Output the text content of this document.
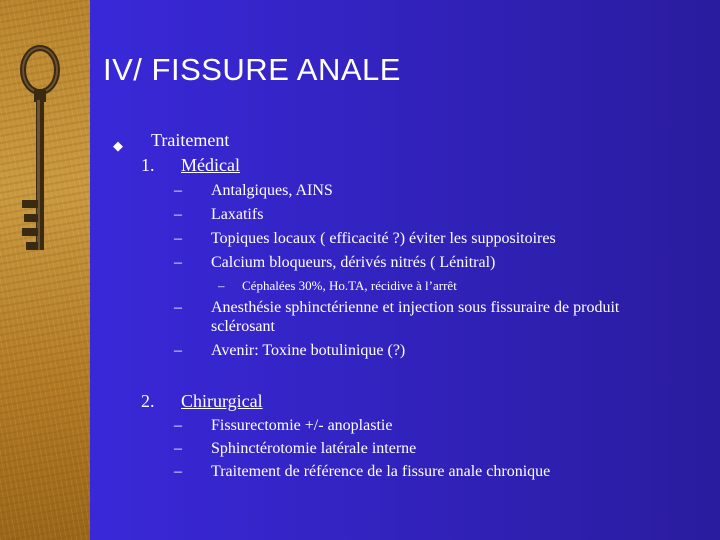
IV/ FISSURE ANALE
◆ Traitement
1. Médical
– Antalgiques, AINS
– Laxatifs
– Topiques locaux ( efficacité ?) éviter les suppositoires
– Calcium bloqueurs, dérivés nitrés ( Lénitral)
– Céphalées 30%, Ho.TA, récidive à l’arrêt
– Anesthésie sphinctérienne et injection sous fissuraire de produit
sclérosant
– Avenir: Toxine botulinique (?)
2. Chirurgical
– Fissurectomie +/- anoplastie
– Sphinctérotomie latérale interne
– Traitement de référence de la fissure anale chronique
